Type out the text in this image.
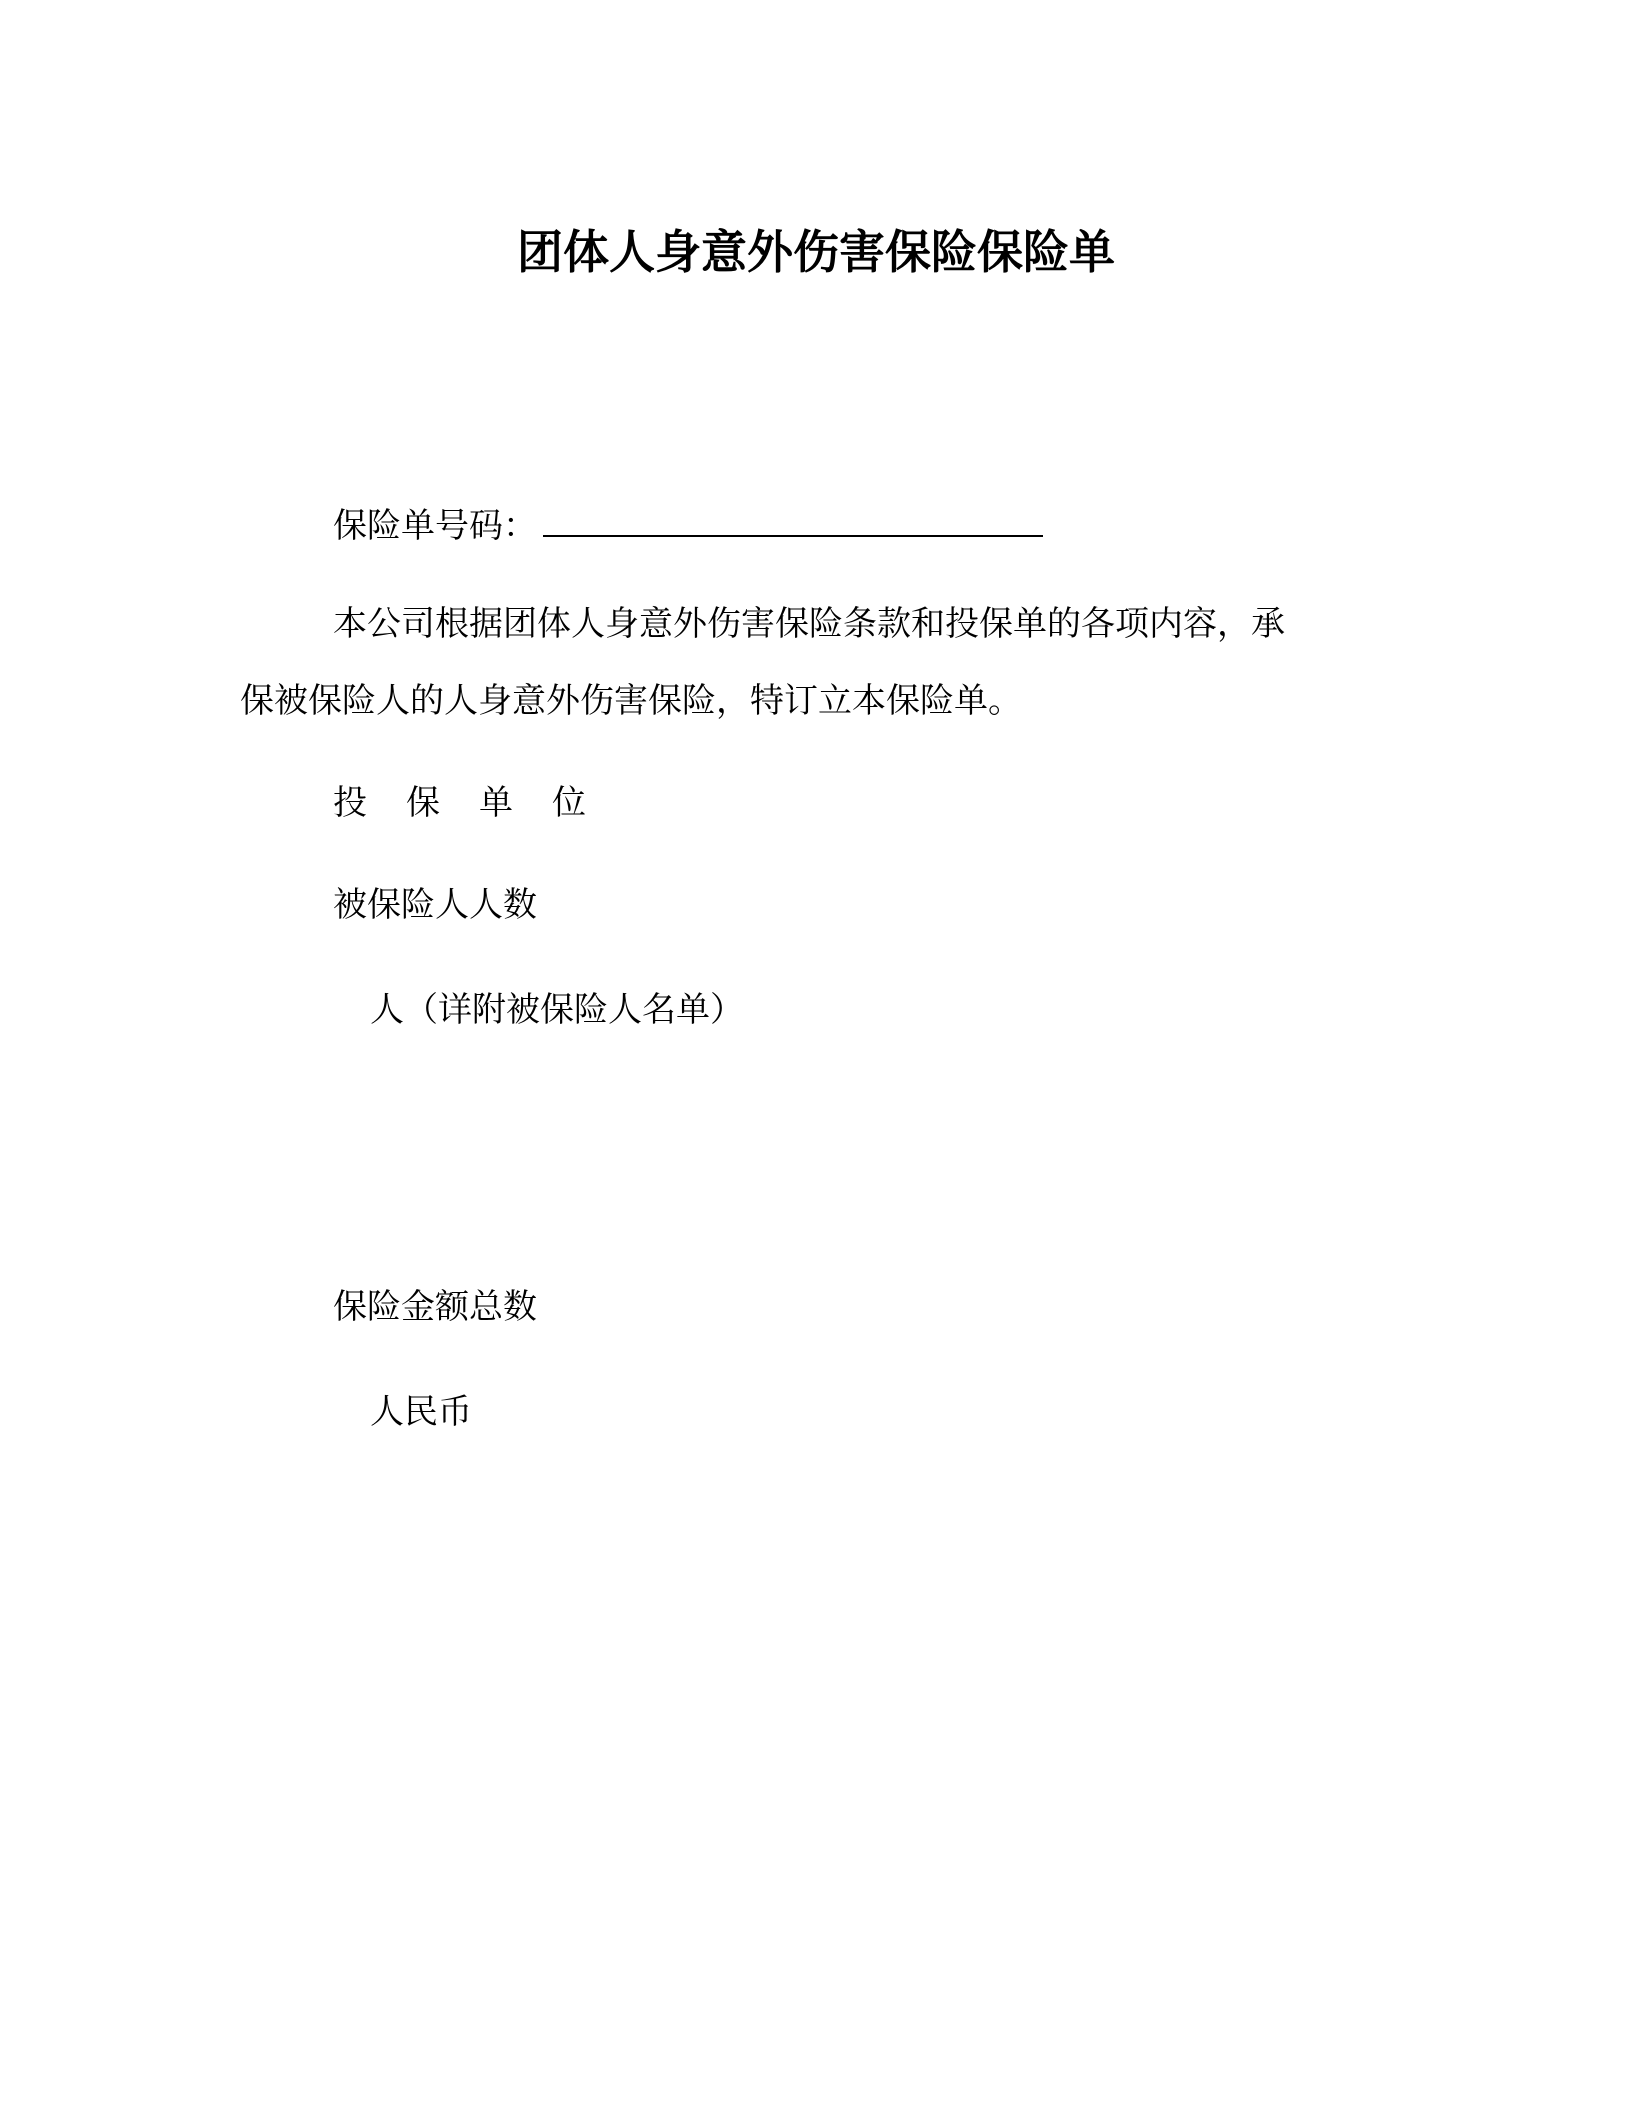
团体人身意外伤害保险保险单
保险单号码：
本公司根据团体人身意外伤害保险条款和投保单的各项内容，承
保被保险人的人身意外伤害保险，特订立本保险单。
投保单位
被保险人人数
人（详附被保险人名单）
保险金额总数
人民币
